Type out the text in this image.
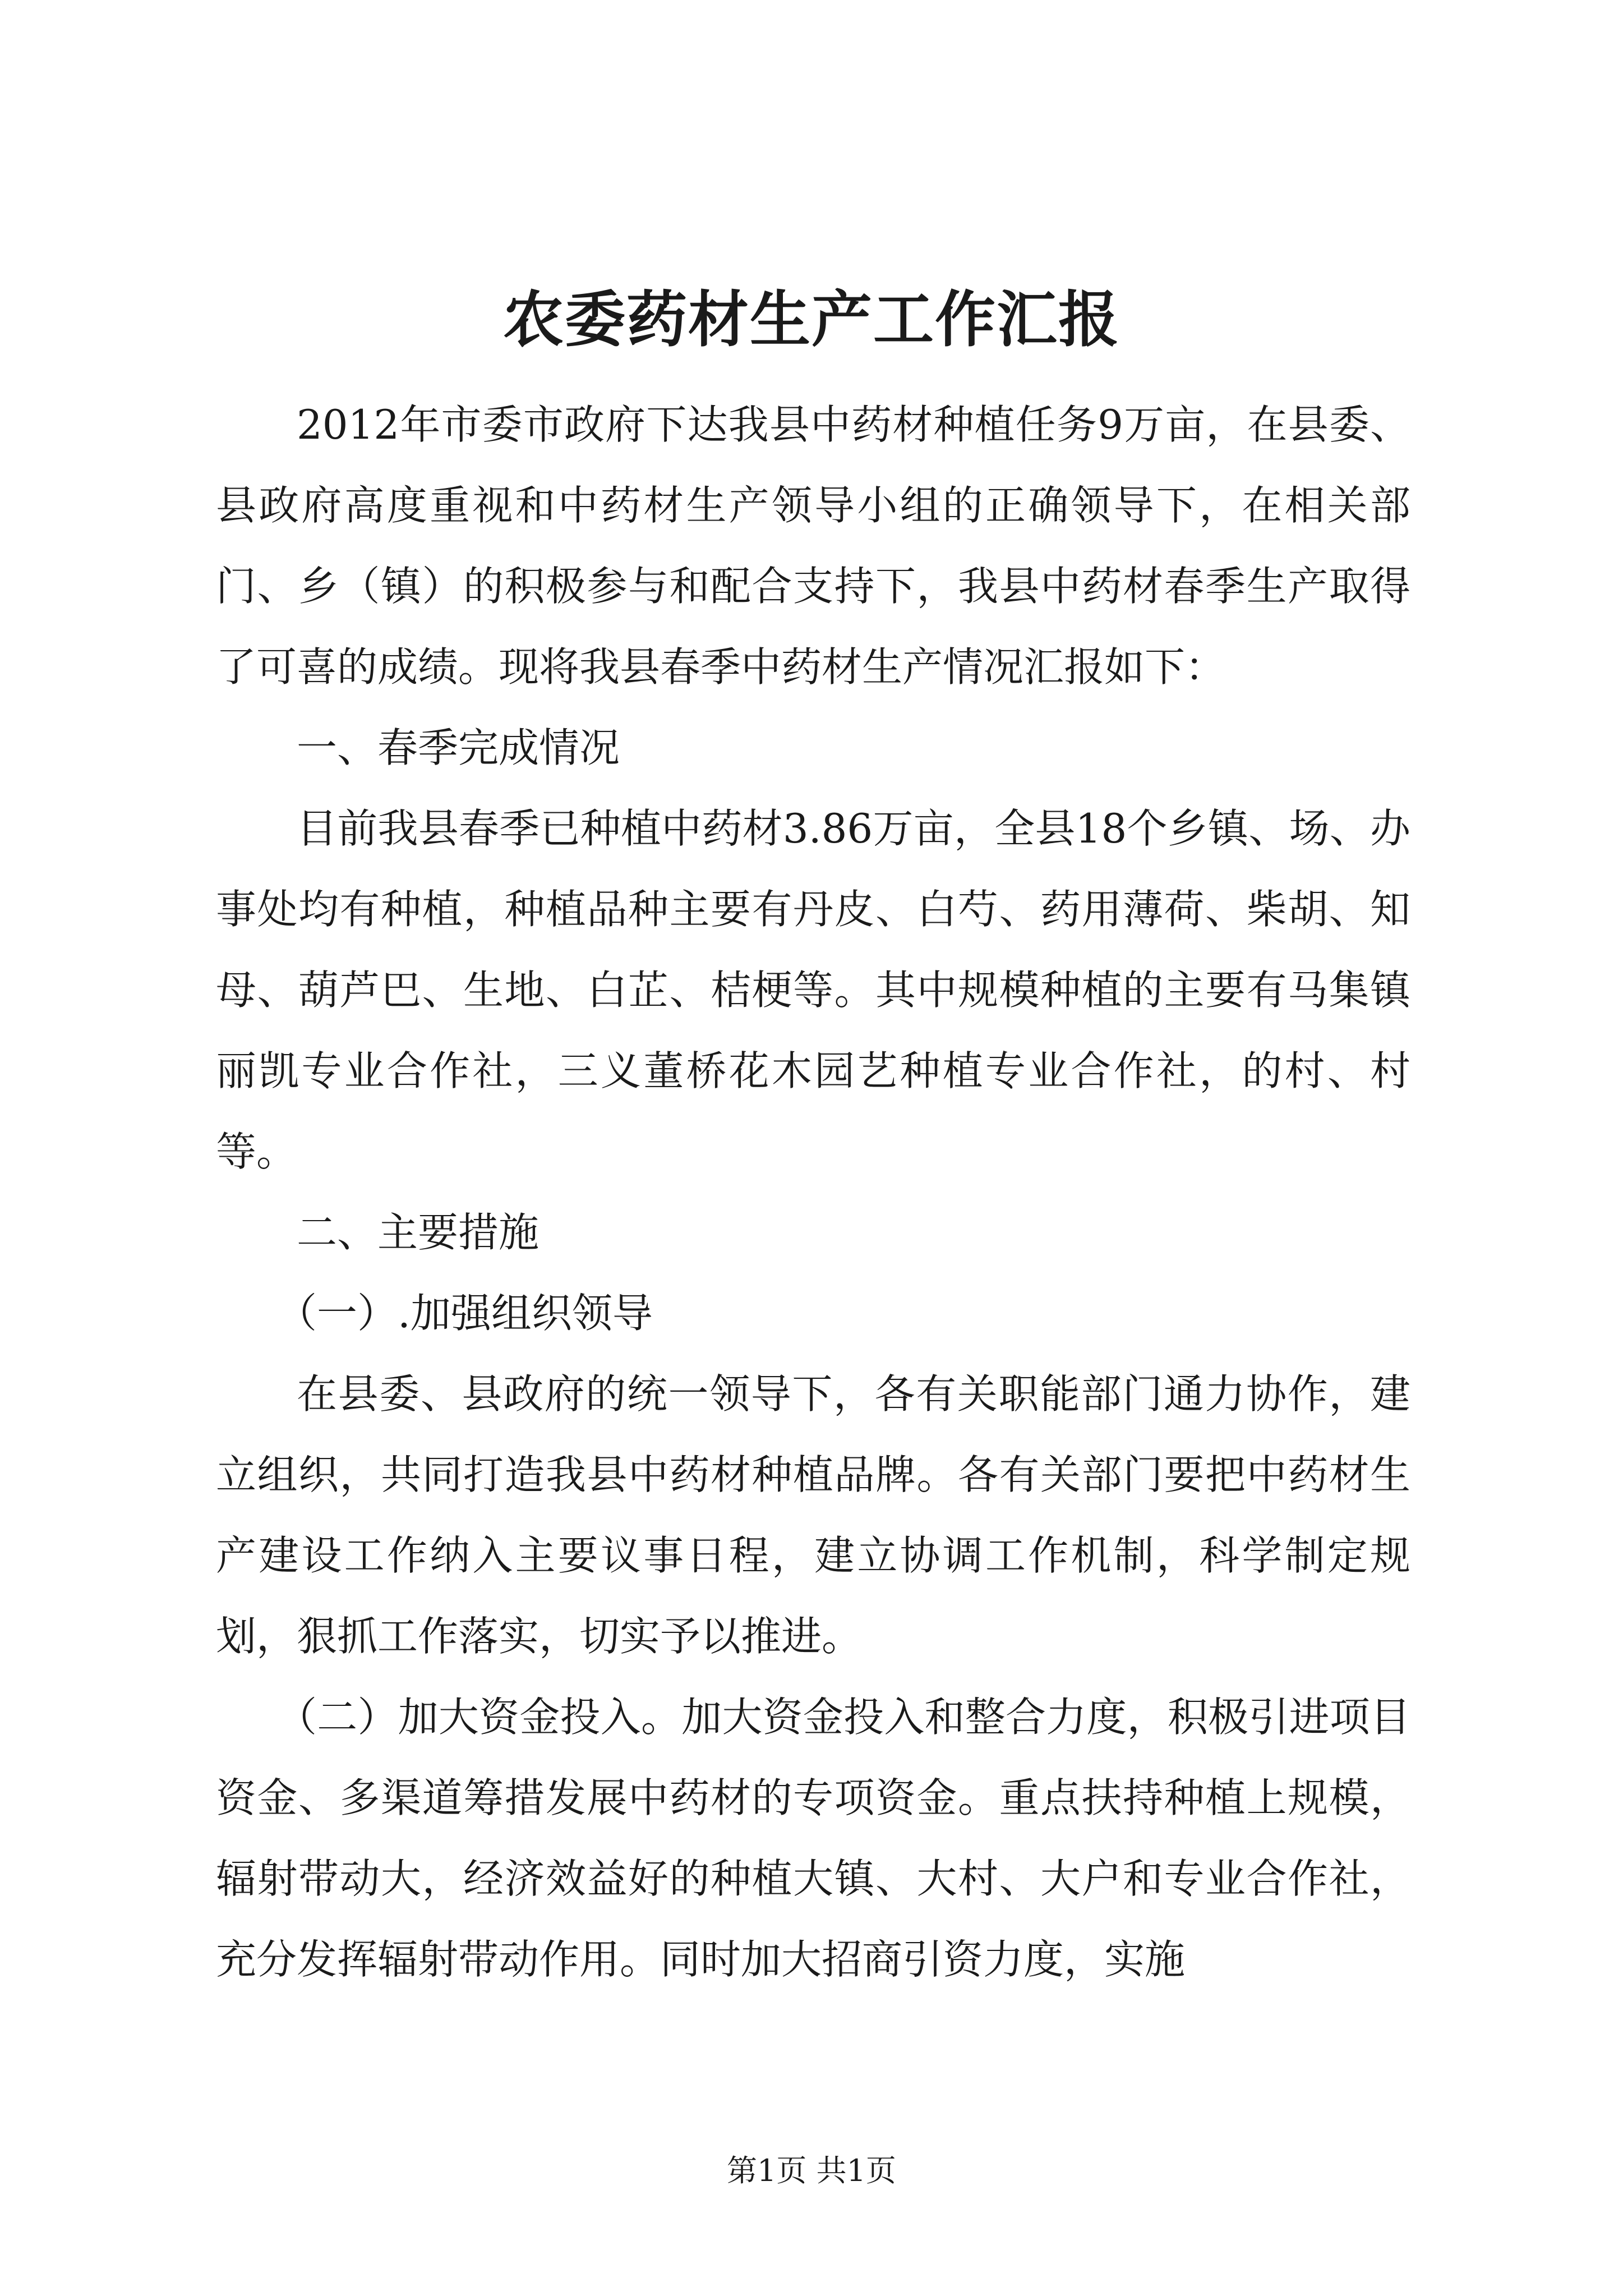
农委药材生产工作汇报

2012年市委市政府下达我县中药材种植任务9万亩，在县委、县政府高度重视和中药材生产领导小组的正确领导下，在相关部门、乡（镇）的积极参与和配合支持下，我县中药材春季生产取得了可喜的成绩。现将我县春季中药材生产情况汇报如下：

一、春季完成情况

目前我县春季已种植中药材3.86万亩，全县18个乡镇、场、办事处均有种植，种植品种主要有丹皮、白芍、药用薄荷、柴胡、知母、葫芦巴、生地、白芷、桔梗等。其中规模种植的主要有马集镇丽凯专业合作社，三义董桥花木园艺种植专业合作社，的村、村等。

二、主要措施

（一）.加强组织领导

在县委、县政府的统一领导下，各有关职能部门通力协作，建立组织，共同打造我县中药材种植品牌。各有关部门要把中药材生产建设工作纳入主要议事日程，建立协调工作机制，科学制定规划，狠抓工作落实，切实予以推进。

（二）加大资金投入。加大资金投入和整合力度，积极引进项目资金、多渠道筹措发展中药材的专项资金。重点扶持种植上规模，辐射带动大，经济效益好的种植大镇、大村、大户和专业合作社，充分发挥辐射带动作用。同时加大招商引资力度，实施

第1页 共1页
